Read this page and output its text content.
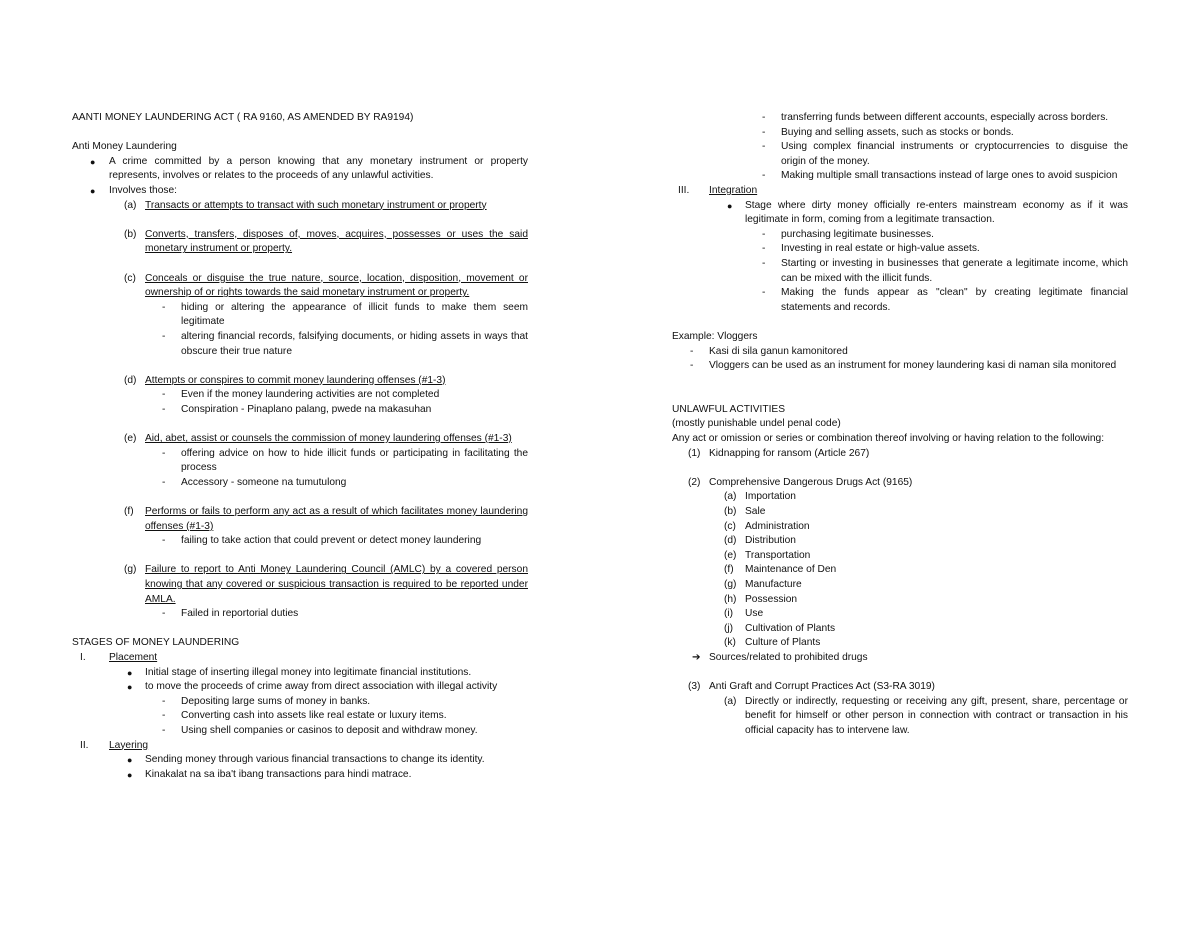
AANTI MONEY LAUNDERING ACT ( RA 9160, AS AMENDED BY RA9194)
Anti Money Laundering
● A crime committed by a person knowing that any monetary instrument or property represents, involves or relates to the proceeds of any unlawful activities.
● Involves those:
(a) Transacts or attempts to transact with such monetary instrument or property
(b) Converts, transfers, disposes of, moves, acquires, possesses or uses the said monetary instrument or property.
(c) Conceals or disguise the true nature, source, location, disposition, movement or ownership of or rights towards the said monetary instrument or property.
- hiding or altering the appearance of illicit funds to make them seem legitimate
- altering financial records, falsifying documents, or hiding assets in ways that obscure their true nature
(d) Attempts or conspires to commit money laundering offenses (#1-3)
- Even if the money laundering activities are not completed
- Conspiration - Pinaplano palang, pwede na makasuhan
(e) Aid, abet, assist or counsels the commission of money laundering offenses (#1-3)
- offering advice on how to hide illicit funds or participating in facilitating the process
- Accessory - someone na tumutulong
(f) Performs or fails to perform any act as a result of which facilitates money laundering offenses (#1-3)
- failing to take action that could prevent or detect money laundering
(g) Failure to report to Anti Money Laundering Council (AMLC) by a covered person knowing that any covered or suspicious transaction is required to be reported under AMLA.
- Failed in reportorial duties
STAGES OF MONEY LAUNDERING
I. Placement
● Initial stage of inserting illegal money into legitimate financial institutions.
● to move the proceeds of crime away from direct association with illegal activity
- Depositing large sums of money in banks.
- Converting cash into assets like real estate or luxury items.
- Using shell companies or casinos to deposit and withdraw money.
II. Layering
● Sending money through various financial transactions to change its identity.
● Kinakalat na sa iba't ibang transactions para hindi matrace.
- transferring funds between different accounts, especially across borders.
- Buying and selling assets, such as stocks or bonds.
- Using complex financial instruments or cryptocurrencies to disguise the origin of the money.
- Making multiple small transactions instead of large ones to avoid suspicion
III. Integration
● Stage where dirty money officially re-enters mainstream economy as if it was legitimate in form, coming from a legitimate transaction.
- purchasing legitimate businesses.
- Investing in real estate or high-value assets.
- Starting or investing in businesses that generate a legitimate income, which can be mixed with the illicit funds.
- Making the funds appear as "clean" by creating legitimate financial statements and records.
Example: Vloggers
- Kasi di sila ganun kamonitored
- Vloggers can be used as an instrument for money laundering kasi di naman sila monitored
UNLAWFUL ACTIVITIES
(mostly punishable undel penal code)
Any act or omission or series or combination thereof involving or having relation to the following:
(1) Kidnapping for ransom (Article 267)
(2) Comprehensive Dangerous Drugs Act (9165)
(a) Importation
(b) Sale
(c) Administration
(d) Distribution
(e) Transportation
(f) Maintenance of Den
(g) Manufacture
(h) Possession
(i) Use
(j) Cultivation of Plants
(k) Culture of Plants
➔ Sources/related to prohibited drugs
(3) Anti Graft and Corrupt Practices Act (S3-RA 3019)
(a) Directly or indirectly, requesting or receiving any gift, present, share, percentage or benefit for himself or other person in connection with contract or transaction in his official capacity has to intervene law.
